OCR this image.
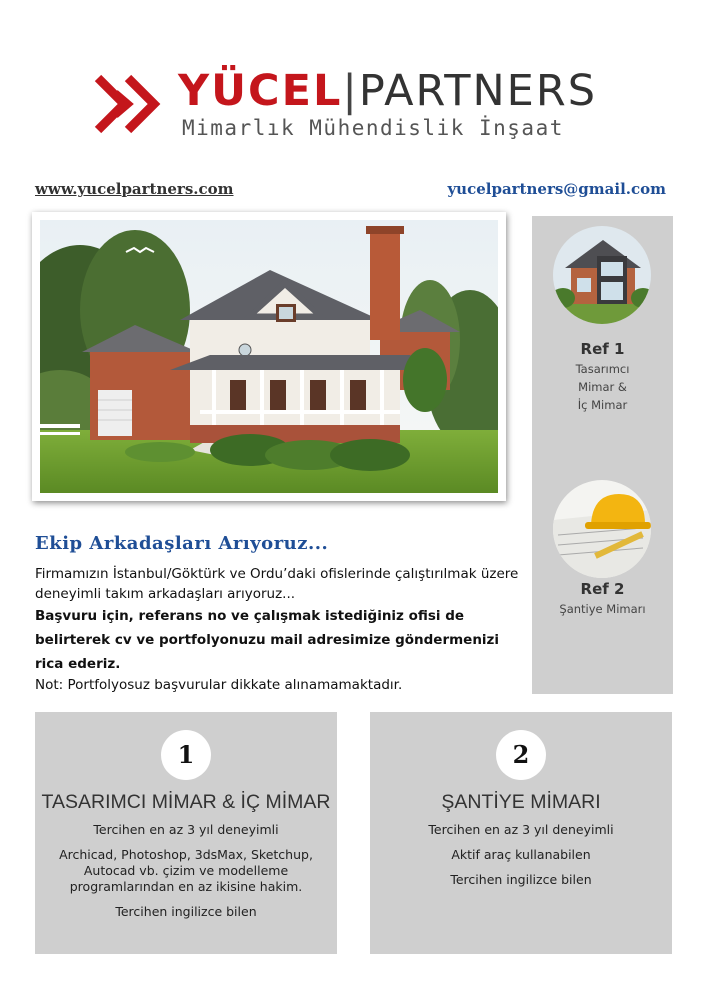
YÜCEL|PARTNERS
Mimarlık Mühendislik İnşaat
www.yucelpartners.com	yucelpartners@gmail.com
Ref 1
Tasarımcı
Mimar &
İç Mimar
Ref 2
Şantiye Mimarı
Ekip Arkadaşları Arıyoruz...

Firmamızın İstanbul/Göktürk ve Ordu’daki ofislerinde çalıştırılmak üzere deneyimli takım arkadaşları arıyoruz...

Başvuru için, referans no ve çalışmak istediğiniz ofisi de belirterek cv ve portfolyonuzu mail adresimize göndermenizi rica ederiz.

Not: Portfolyosuz başvurular dikkate alınamamaktadır.

1
TASARIMCI MİMAR & İÇ MİMAR
Tercihen en az 3 yıl deneyimli
Archicad, Photoshop, 3dsMax, Sketchup,
Autocad vb. çizim ve modelleme
programlarından en az ikisine hakim.
Tercihen ingilizce bilen
2
ŞANTİYE MİMARI
Tercihen en az 3 yıl deneyimli
Aktif araç kullanabilen
Tercihen ingilizce bilen
